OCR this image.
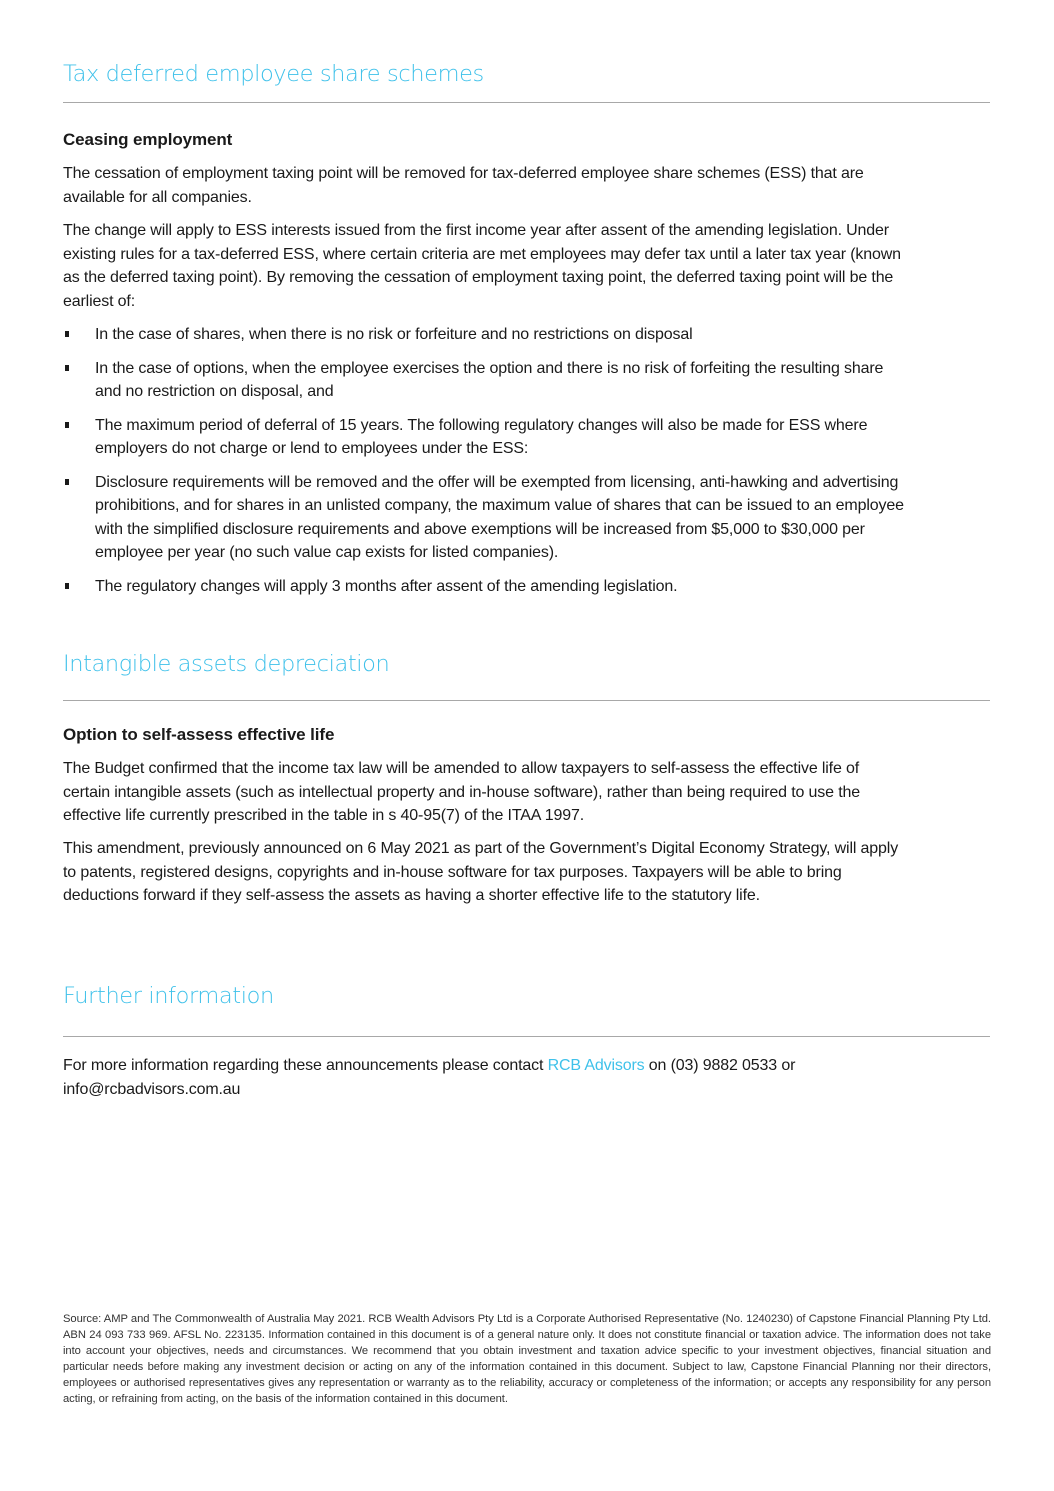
Tax deferred employee share schemes
Ceasing employment

The cessation of employment taxing point will be removed for tax-deferred employee share schemes (ESS) that are available for all companies.

The change will apply to ESS interests issued from the first income year after assent of the amending legislation. Under existing rules for a tax-deferred ESS, where certain criteria are met employees may defer tax until a later tax year (known as the deferred taxing point). By removing the cessation of employment taxing point, the deferred taxing point will be the earliest of:

In the case of shares, when there is no risk or forfeiture and no restrictions on disposal
In the case of options, when the employee exercises the option and there is no risk of forfeiting the resulting share and no restriction on disposal, and
The maximum period of deferral of 15 years. The following regulatory changes will also be made for ESS where employers do not charge or lend to employees under the ESS:
Disclosure requirements will be removed and the offer will be exempted from licensing, anti-hawking and advertising prohibitions, and for shares in an unlisted company, the maximum value of shares that can be issued to an employee with the simplified disclosure requirements and above exemptions will be increased from $5,000 to $30,000 per employee per year (no such value cap exists for listed companies).
The regulatory changes will apply 3 months after assent of the amending legislation.
Intangible assets depreciation
Option to self-assess effective life

The Budget confirmed that the income tax law will be amended to allow taxpayers to self-assess the effective life of certain intangible assets (such as intellectual property and in-house software), rather than being required to use the effective life currently prescribed in the table in s 40-95(7) of the ITAA 1997.

This amendment, previously announced on 6 May 2021 as part of the Government’s Digital Economy Strategy, will apply to patents, registered designs, copyrights and in-house software for tax purposes. Taxpayers will be able to bring deductions forward if they self-assess the assets as having a shorter effective life to the statutory life.

Further information

For more information regarding these announcements please contact RCB Advisors on (03) 9882 0533 or info@rcbadvisors.com.au

Source: AMP and The Commonwealth of Australia May 2021. RCB Wealth Advisors Pty Ltd is a Corporate Authorised Representative (No. 1240230) of Capstone Financial Planning Pty Ltd. ABN 24 093 733 969. AFSL No. 223135. Information contained in this document is of a general nature only. It does not constitute financial or taxation advice. The information does not take into account your objectives, needs and circumstances. We recommend that you obtain investment and taxation advice specific to your investment objectives, financial situation and particular needs before making any investment decision or acting on any of the information contained in this document. Subject to law, Capstone Financial Planning nor their directors, employees or authorised representatives gives any representation or warranty as to the reliability, accuracy or completeness of the information; or accepts any responsibility for any person acting, or refraining from acting, on the basis of the information contained in this document.
